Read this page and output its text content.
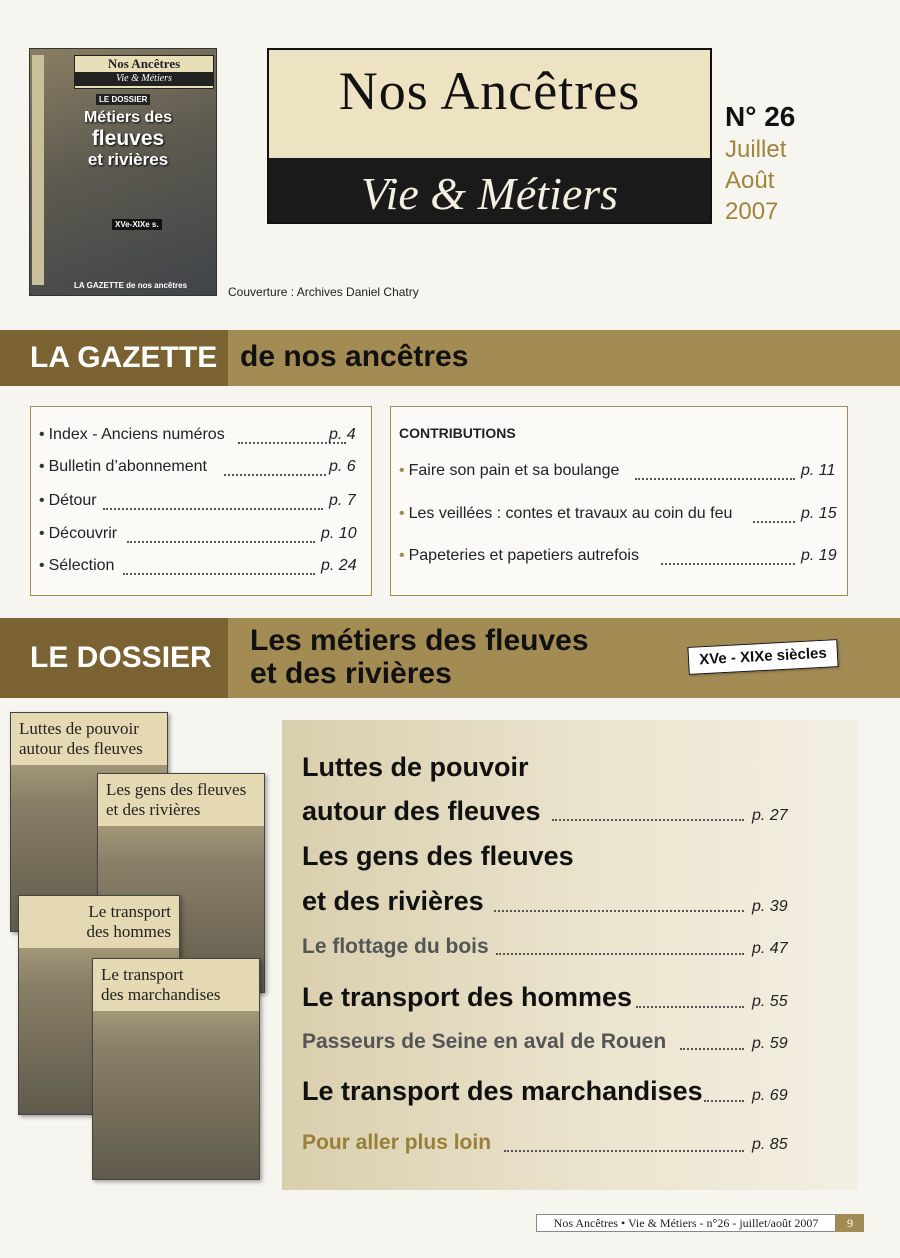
Nos Ancêtres
Vie & Métiers
LE DOSSIER
Métiers des
fleuves
et rivières
XVe-XIXe s.
LA GAZETTE de nos ancêtres	Couverture : Archives Daniel Chatry
Nos Ancêtres
Vie & Métiers
N° 26
Juillet
Août
2007
LA GAZETTE de nos ancêtres
• Index - Anciens numéros	p. 4
• Bulletin d’abonnement	p. 6
• Détour	p. 7
• Découvrir	p. 10
• Sélection	p. 24
CONTRIBUTIONS
• Faire son pain et sa boulange	p. 11
• Les veillées : contes et travaux au coin du feu	p. 15
• Papeteries et papetiers autrefois	p. 19
LE DOSSIER
Les métiers des fleuves
et des rivières
XVe - XIXe siècles
Luttes de pouvoir
autour des fleuves	p. 27
Les gens des fleuves
et des rivières	p. 39
Le flottage du bois	p. 47
Le transport des hommes	p. 55
Passeurs de Seine en aval de Rouen	p. 59
Le transport des marchandises	p. 69
Pour aller plus loin	p. 85
Luttes de pouvoir
autour des fleuves
Les gens des fleuves
et des rivières
Le transport
des hommes
Le transport
des marchandises
Nos Ancêtres • Vie & Métiers - n°26 - juillet/août 2007	9
